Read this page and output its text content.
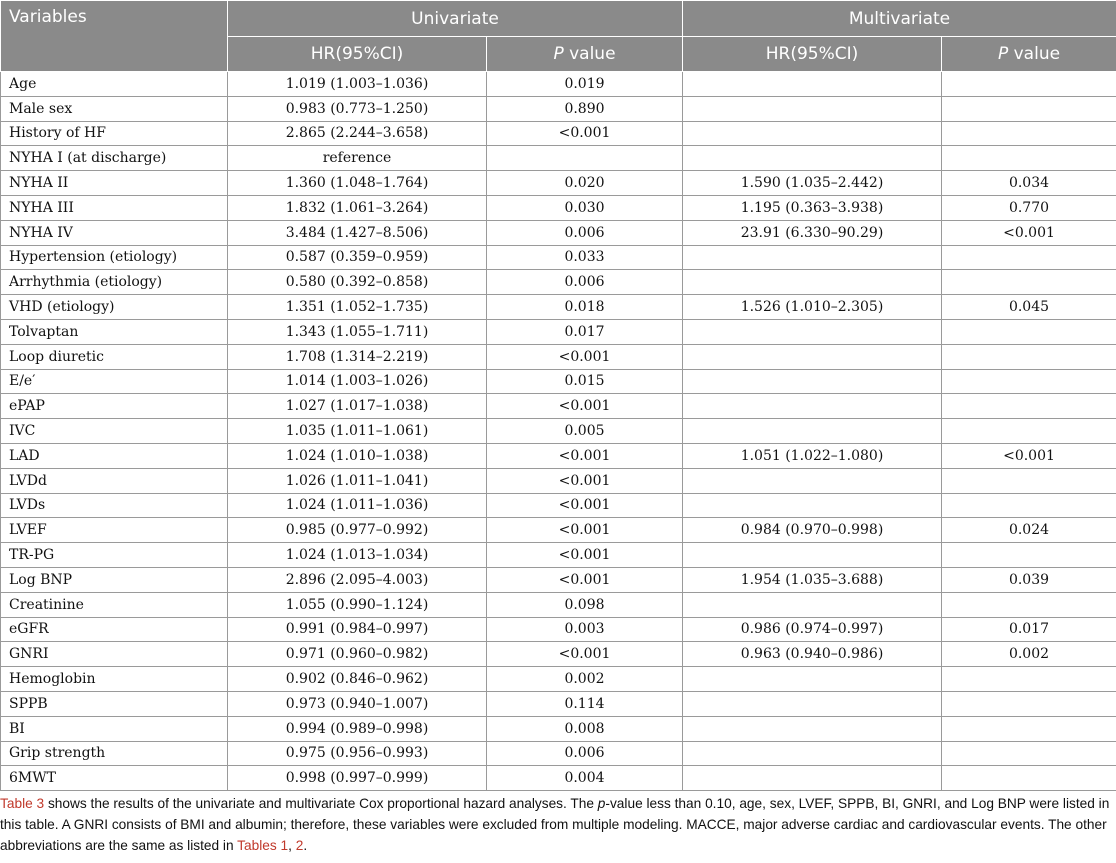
Variables	Univariate		Multivariate	
	HR(95%CI)	P value	HR(95%CI)	P value
Age	1.019 (1.003–1.036)	0.019		
Male sex	0.983 (0.773–1.250)	0.890		
History of HF	2.865 (2.244–3.658)	<0.001		
NYHA I (at discharge)	reference			
NYHA II	1.360 (1.048–1.764)	0.020	1.590 (1.035–2.442)	0.034
NYHA III	1.832 (1.061–3.264)	0.030	1.195 (0.363–3.938)	0.770
NYHA IV	3.484 (1.427–8.506)	0.006	23.91 (6.330–90.29)	<0.001
Hypertension (etiology)	0.587 (0.359–0.959)	0.033		
Arrhythmia (etiology)	0.580 (0.392–0.858)	0.006		
VHD (etiology)	1.351 (1.052–1.735)	0.018	1.526 (1.010–2.305)	0.045
Tolvaptan	1.343 (1.055–1.711)	0.017		
Loop diuretic	1.708 (1.314–2.219)	<0.001		
E/e′	1.014 (1.003–1.026)	0.015		
ePAP	1.027 (1.017–1.038)	<0.001		
IVC	1.035 (1.011–1.061)	0.005		
LAD	1.024 (1.010–1.038)	<0.001	1.051 (1.022–1.080)	<0.001
LVDd	1.026 (1.011–1.041)	<0.001		
LVDs	1.024 (1.011–1.036)	<0.001		
LVEF	0.985 (0.977–0.992)	<0.001	0.984 (0.970–0.998)	0.024
TR-PG	1.024 (1.013–1.034)	<0.001		
Log BNP	2.896 (2.095–4.003)	<0.001	1.954 (1.035–3.688)	0.039
Creatinine	1.055 (0.990–1.124)	0.098		
eGFR	0.991 (0.984–0.997)	0.003	0.986 (0.974–0.997)	0.017
GNRI	0.971 (0.960–0.982)	<0.001	0.963 (0.940–0.986)	0.002
Hemoglobin	0.902 (0.846–0.962)	0.002		
SPPB	0.973 (0.940–1.007)	0.114		
BI	0.994 (0.989–0.998)	0.008		
Grip strength	0.975 (0.956–0.993)	0.006		
6MWT	0.998 (0.997–0.999)	0.004		
Table 3 shows the results of the univariate and multivariate Cox proportional hazard analyses. The p-value less than 0.10, age, sex, LVEF, SPPB, BI, GNRI, and Log BNP were listed in this table. A GNRI consists of BMI and albumin; therefore, these variables were excluded from multiple modeling. MACCE, major adverse cardiac and cardiovascular events. The other abbreviations are the same as listed in Tables 1, 2.
